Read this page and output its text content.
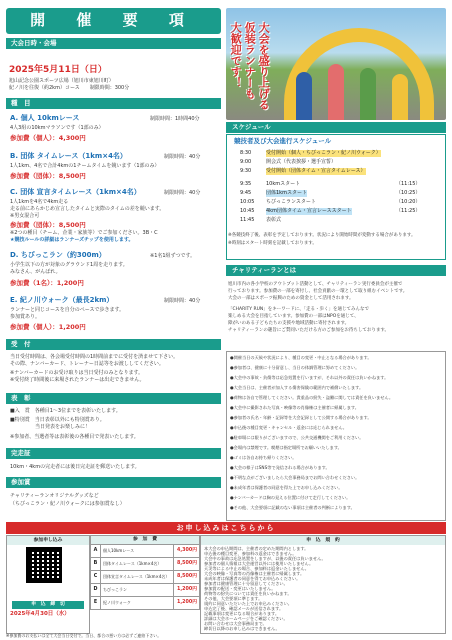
開 催 要 項
大会日時・会場
2025年5月11日（日）
旭山記念公園スポーツ広場（旭川市東旭川町）
紀ノ川を往復（約2km）コース　　制限時間：300分
種　目
A. 個人 10kmレース	制限時間：1時間40分
4人3組の10kmマラソンです（1部のみ）
参加費（個人）：4,300円
B. 団体 タイムレース（1km×4名）	制限時間：40分
1人1km、4名で合計4kmの1チームタイムを競います（1部のみ）
参加費（団体）：8,500円
C. 団体 宣言タイムレース（1km×4名）	制限時間：40分
1人1kmを4名で4km走る
走る前にあらかじめ宣言したタイムと実際のタイムの差を競います。
※男女混合可
参加費（団体）：8,500円
※2つの種目（チーム、企業・家族等）でご参加ください。3B・C
★競技ルールの詳細はランナーズチップを使用します。
D. ちびっこラン（約300m）	※1名1組ずつです。
小学生以下の方が対象のグラウンド1周を走ります。
みなさん、がんばれ。
参加費（1名）：1,200円
E. 紀ノ川ウォーク（最長2km）	制限時間：40分
ランナーと同じコースを自分のペースで歩きます。
参加賞あり。
参加費（個人）：1,200円
受　付
当日受付時間は、各会場受付時間の1時間前までに受付を済ませて下さい。
その際、ナンバーカード、トレーナー日誌等をお渡ししてください。
※ナンバーカードのお受け取りは当日受付のみとなります。
※受付終了時間後に来場されたランナーは出走できません。
表　彰
■入　賞　各種目1〜3位までを表彰いたします。
■特別賞　当日表彰以外にも特別賞あり。
　　　　　当日発表をお楽しみに！
※参加者、当選者等は表彰後の各種目で発表いたします。
完走証
10km・4kmの完走者には後日完走証を郵送いたします。
参加賞
チャリティーランオリジナルグッズなど
（ちびっこラン・紀ノ川ウォークには参加賞なし）
大会を盛り上げる
仮装ランナーも
大歓迎です！
スケジュール
競技者及び大会進行スケジュール
8:30	受付開始（個人・ちびっこラン・紀ノ川ウォーク）
9:00	開会式（代表挨拶・選手宣誓）
9:30	受付開始（団体タイム・宣言タイムレース）
9:35	10kmスタート	（11:15）
9:45	団体1kmスタート	（10:25）
10:05 ちびっこランスタート	（10:20）
10:45 4km団体タイム・宣言レーススタート	（11:25）
11:45 表彰式
※各競技終了後、表彰を予定しております。状況により開始時間が変動する場合があります。
※時刻はスタート時刻を記載しております。
チャリティーランとは
旭川市内の各小学校のアウトプット活動として、チャリティーラン実行委員会が主催で
行っております。参加費の一部を寄付し、社会貢献の一環として取り組むイベントです。
大会の一部はスポーツ振興のための資金として活用されます。
「CHARITY RUN」をキーワードに、「走る・歩く」を通じてみんなで
楽しめる大会を目指しています。参加費の一部はNPOを通じて、
障がいのある子どもたちの支援や地域活動に寄付されます。
チャリティーランの趣旨にご賛同いただける方のご参加をお待ちしております。
●開催当日の天候や状況により、種目の変更・中止となる場合があります。
●参加者は、健康に十分留意し、当日の体調管理に努めてください。
●大会中の事故・負傷等は応急処置を行いますが、それ以外の責任は負いかねます。
●大会当日は、主催者が加入する傷害保険の範囲内で補償いたします。
●荷物は各自で管理してください。貴重品の紛失・盗難に関しては責任を負いません。
●大会中に撮影された写真・映像等の肖像権は主催者に帰属します。
●参加者の氏名・年齢・記録等を大会記録として公開する場合があります。
●申込後の種目変更・キャンセル・返金には応じられません。
●駐車場には限りがございますので、公共交通機関をご利用ください。
●会場内は禁煙です。喫煙は指定場所でお願いいたします。
●ゴミは各自お持ち帰りください。
●大会の様子はSNS等で発信される場合があります。
●不明な点がございましたら大会事務局までお問い合わせください。
●未成年者は保護者の同意を得た上でお申し込みください。
●ナンバーカードは胸の見える位置に付けて走行してください。
●その他、大会要項に記載のない事項は主催者の判断によります。
お申し込みはこちらから
参加申し込み
申　込　締　切
2025年4月30日（水）
参　加　費		
A	個人10kmレース	4,300円
B	団体タイムレース（1km×4名）	8,500円
C	団体宣言タイムレース（1km×4名）	8,500円
D	ちびっこラン	1,200円
E	紀ノ川ウォーク	1,200円
申　込　規　約
本大会の申込期間は、主催者の定めた期間内とします。
申込後の種目変更、参加料の返金はできません。
大会中の事故は応急処置をしますが、以後の責任は負いません。
参加者の個人情報は大会運営以外には使用いたしません。
天災等による中止の場合、参加料は返金いたしません。
大会の映像・写真等の肖像権は主催者に帰属します。
未成年者は保護者の同意を得てお申込みください。
参加者は健康管理に十分留意してください。
参加賞の配送・変更はいたしません。
荷物等の紛失については責任を負いかねます。
その他、大会要項に準じます。
規約に同意いただいた上でお申込みください。
申込完了後、確認メールが送信されます。
記載事項は変更になる場合があります。
詳細は大会ホームページをご確認ください。
お問い合わせは大会事務局まで。
締切日以降のお申し込みはできません。
※参加費のお支払いは全て大会当日受付で。当日、都合の悪い方は必ずご連絡下さい。
